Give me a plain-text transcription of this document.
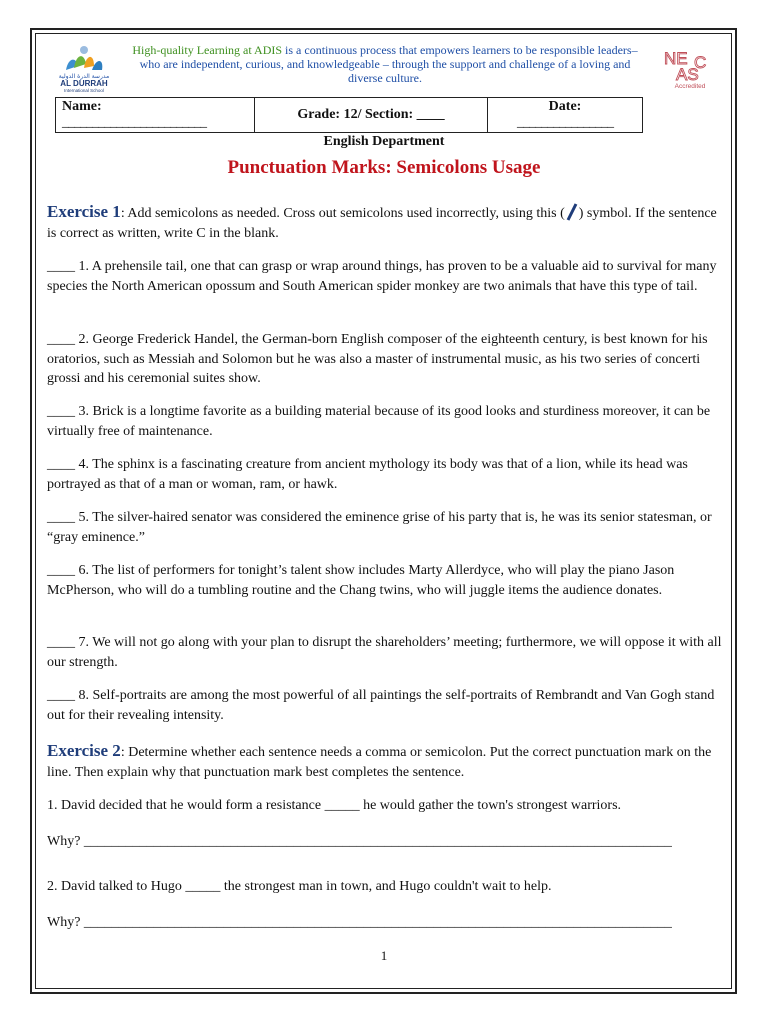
مدرسة الدرة الدولية
AL DURRAH
International School
High-quality Learning at ADIS is a continuous process that empowers learners to be responsible leaders– who are independent, curious, and knowledgeable – through the support and challenge of a loving and diverse culture.
NE
AS
C
Accredited
Name:
________________________
	Grade: 12/ Section: ____	Date:
________________
English Department
Punctuation Marks: Semicolons Usage
Exercise 1: Add semicolons as needed. Cross out semicolons used incorrectly, using this ( ) symbol. If the sentence is correct as written, write C in the blank.
____ 1. A prehensile tail, one that can grasp or wrap around things, has proven to be a valuable aid to survival for many species the North American opossum and South American spider monkey are two animals that have this type of tail.
____ 2. George Frederick Handel, the German-born English composer of the eighteenth century, is best known for his oratorios, such as Messiah and Solomon but he was also a master of instrumental music, as his two series of concerti grossi and his ceremonial suites show.
____ 3. Brick is a longtime favorite as a building material because of its good looks and sturdiness moreover, it can be virtually free of maintenance.
____ 4. The sphinx is a fascinating creature from ancient mythology its body was that of a lion, while its head was portrayed as that of a man or woman, ram, or hawk.
____ 5. The silver-haired senator was considered the eminence grise of his party that is, he was its senior statesman, or “gray eminence.”
____ 6. The list of performers for tonight’s talent show includes Marty Allerdyce, who will play the piano Jason McPherson, who will do a tumbling routine and the Chang twins, who will juggle items the audience donates.
____ 7. We will not go along with your plan to disrupt the shareholders’ meeting; furthermore, we will oppose it with all our strength.
____ 8. Self-portraits are among the most powerful of all paintings the self-portraits of Rembrandt and Van Gogh stand out for their revealing intensity.
Exercise 2: Determine whether each sentence needs a comma or semicolon. Put the correct punctuation mark on the line. Then explain why that punctuation mark best completes the sentence.
1. David decided that he would form a resistance _____ he would gather the town's strongest warriors.
Why? ____________________________________________________________________________________
2. David talked to Hugo _____ the strongest man in town, and Hugo couldn't wait to help.
Why? ____________________________________________________________________________________
1
